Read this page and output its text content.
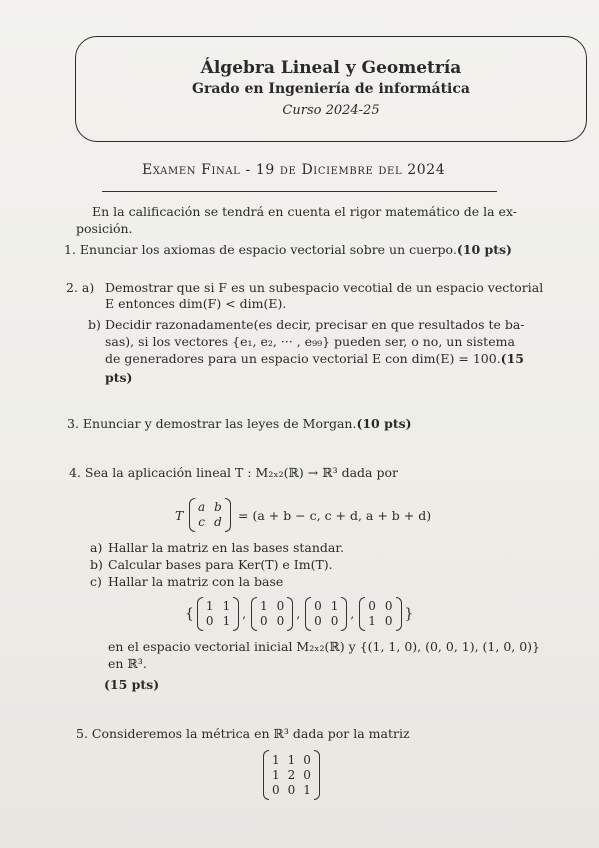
Álgebra Lineal y Geometría
Grado en Ingeniería de informática
Curso 2024-25
Examen Final - 19 de Diciembre del 2024
En la calificación se tendrá en cuenta el rigor matemático de la ex-
posición.
1. Enunciar los axiomas de espacio vectorial sobre un cuerpo.(10 pts)
2. a) Demostrar que si F es un subespacio vecotial de un espacio vectorial
E entonces dim(F) < dim(E).
b) Decidir razonadamente(es decir, precisar en que resultados te ba-
sas), si los vectores {e₁, e₂, ··· , e₉₉} pueden ser, o no, un sistema
de generadores para un espacio vectorial E con dim(E) = 100.(15
pts)
3. Enunciar y demostrar las leyes de Morgan.(10 pts)
4. Sea la aplicación lineal T : M₂ₓ₂(ℝ) → ℝ³ dada por
T
a b
c d = (a + b − c, c + d, a + b + d)
a) Hallar la matriz en las bases standar.
b) Calcular bases para Ker(T) e Im(T).
c) Hallar la matriz con la base
{ 1 1
0 1 ,
1 0
0 0 ,
0 1
0 0 ,
0 0
1 0 }
en el espacio vectorial inicial M₂ₓ₂(ℝ) y {(1, 1, 0), (0, 0, 1), (1, 0, 0)}
en ℝ³.
(15 pts)
5. Consideremos la métrica en ℝ³ dada por la matriz
1 1 0
1 2 0
0 0 1
